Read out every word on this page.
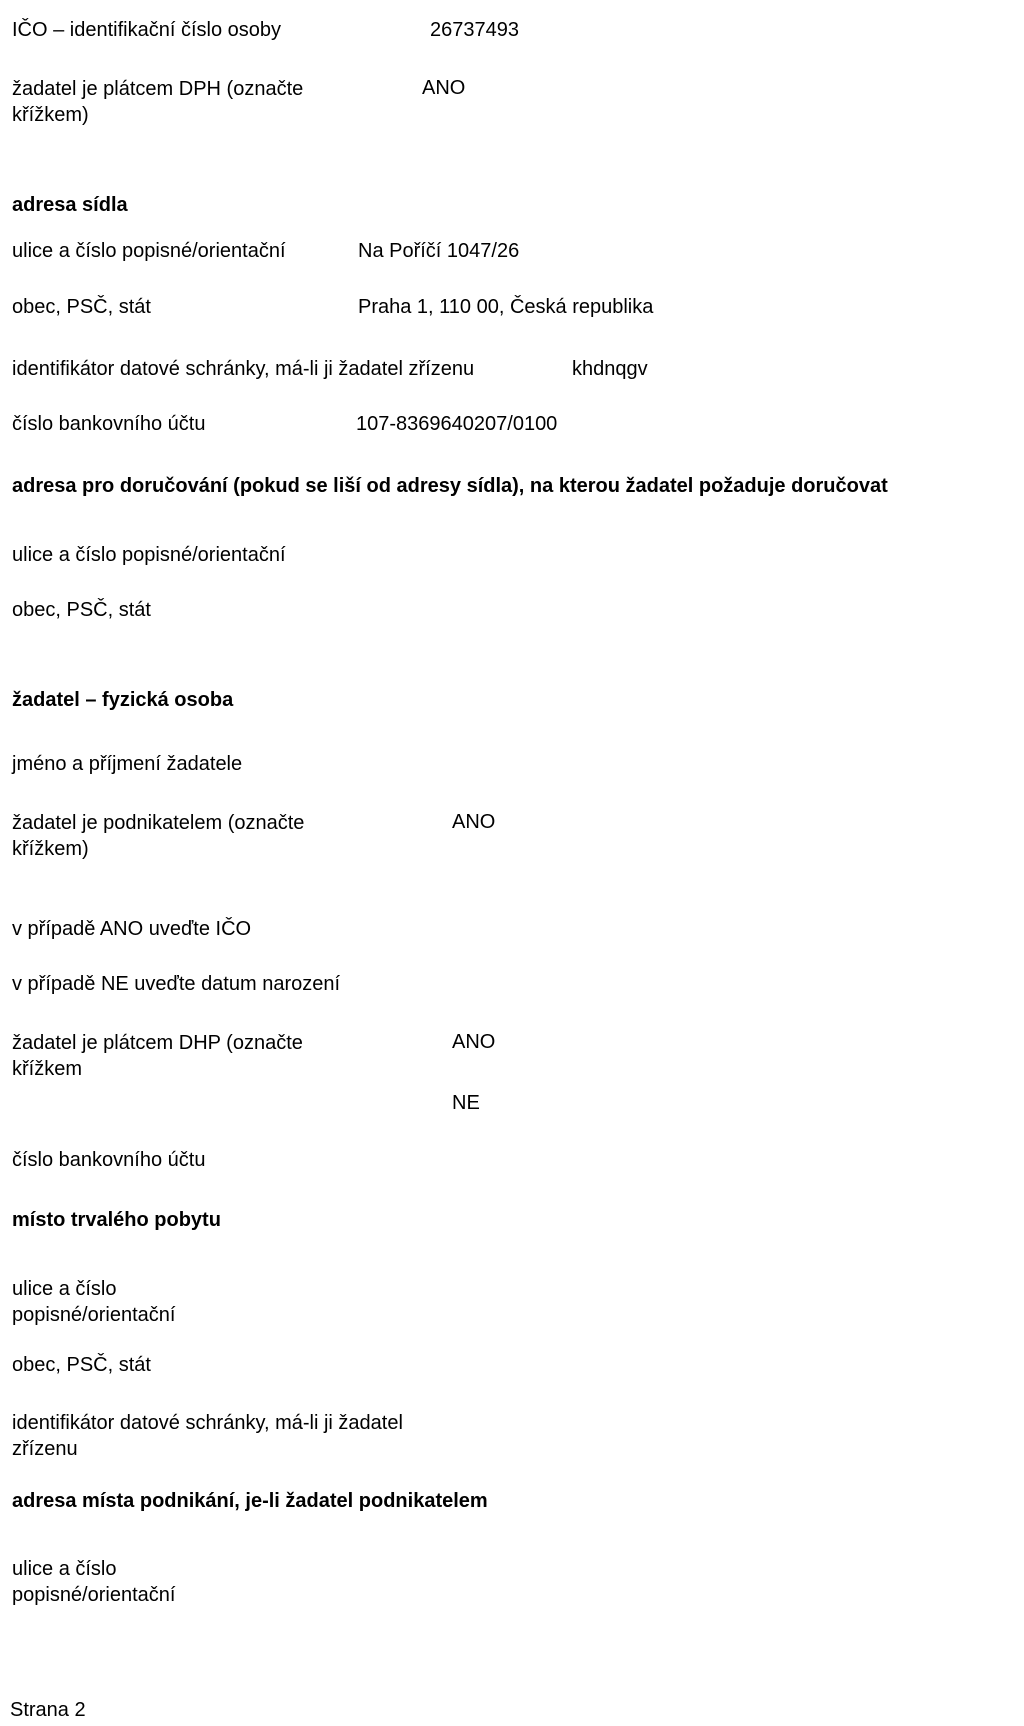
IČO – identifikační číslo osoby	26737493
žadatel je plátcem DPH (označte
křížkem)
ANO
adresa sídla
ulice a číslo popisné/orientační	Na Poříčí 1047/26
obec, PSČ, stát	Praha 1, 110 00, Česká republika
identifikátor datové schránky, má-li ji žadatel zřízenu	khdnqgv
číslo bankovního účtu	107-8369640207/0100
adresa pro doručování (pokud se liší od adresy sídla), na kterou žadatel požaduje doručovat
ulice a číslo popisné/orientační
obec, PSČ, stát
žadatel – fyzická osoba
jméno a příjmení žadatele
žadatel je podnikatelem (označte
křížkem)
ANO
v případě ANO uveďte IČO
v případě NE uveďte datum narození
žadatel je plátcem DHP (označte
křížkem
ANO
NE
číslo bankovního účtu
místo trvalého pobytu
ulice a číslo
popisné/orientační
obec, PSČ, stát
identifikátor datové schránky, má-li ji žadatel
zřízenu
adresa místa podnikání, je-li žadatel podnikatelem
ulice a číslo
popisné/orientační
Strana 2
